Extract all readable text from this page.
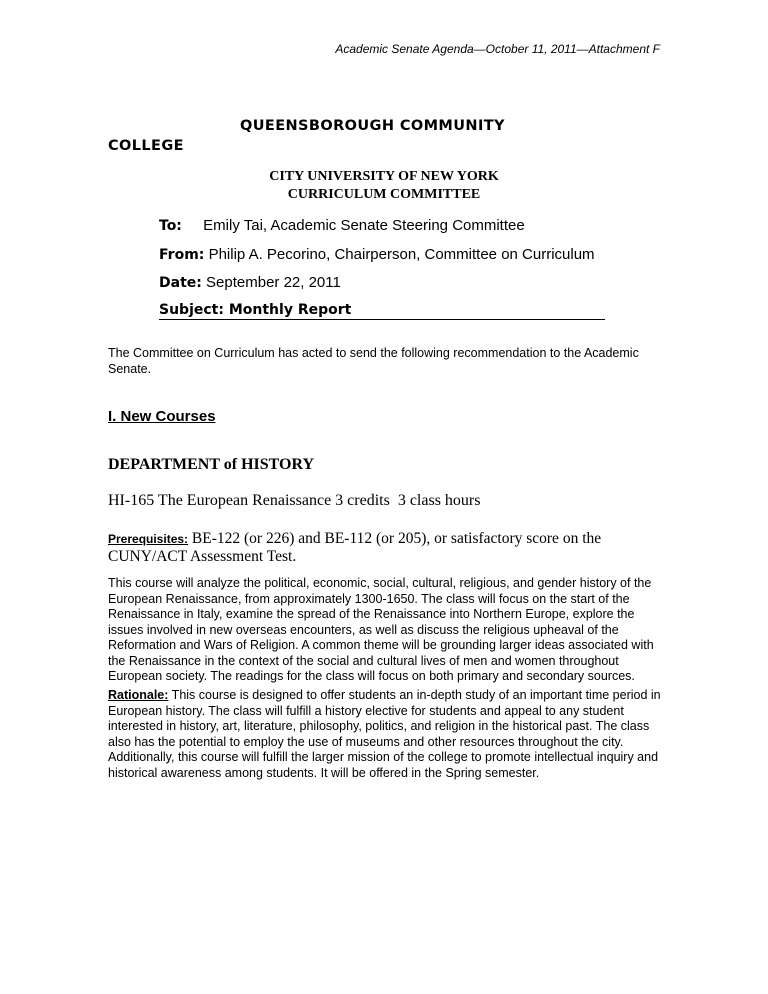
Academic Senate Agenda—October 11, 2011—Attachment F
QUEENSBOROUGH COMMUNITY
COLLEGE
CITY UNIVERSITY OF NEW YORK
CURRICULUM COMMITTEE
To: Emily Tai, Academic Senate Steering Committee
From: Philip A. Pecorino, Chairperson, Committee on Curriculum
Date: September 22, 2011
Subject: Monthly Report
The Committee on Curriculum has acted to send the following recommendation to the Academic Senate.
I. New Courses
DEPARTMENT of HISTORY
HI-165 The European Renaissance 3 credits  3 class hours
Prerequisites: BE-122 (or 226) and BE-112 (or 205), or satisfactory score on the CUNY/ACT Assessment Test.
This course will analyze the political, economic, social, cultural, religious, and gender history of the European Renaissance, from approximately 1300-1650. The class will focus on the start of the Renaissance in Italy, examine the spread of the Renaissance into Northern Europe, explore the issues involved in new overseas encounters, as well as discuss the religious upheaval of the Reformation and Wars of Religion. A common theme will be grounding larger ideas associated with the Renaissance in the context of the social and cultural lives of men and women throughout European society. The readings for the class will focus on both primary and secondary sources.
Rationale: This course is designed to offer students an in-depth study of an important time period in European history. The class will fulfill a history elective for students and appeal to any student interested in history, art, literature, philosophy, politics, and religion in the historical past. The class also has the potential to employ the use of museums and other resources throughout the city. Additionally, this course will fulfill the larger mission of the college to promote intellectual inquiry and historical awareness among students. It will be offered in the Spring semester.
